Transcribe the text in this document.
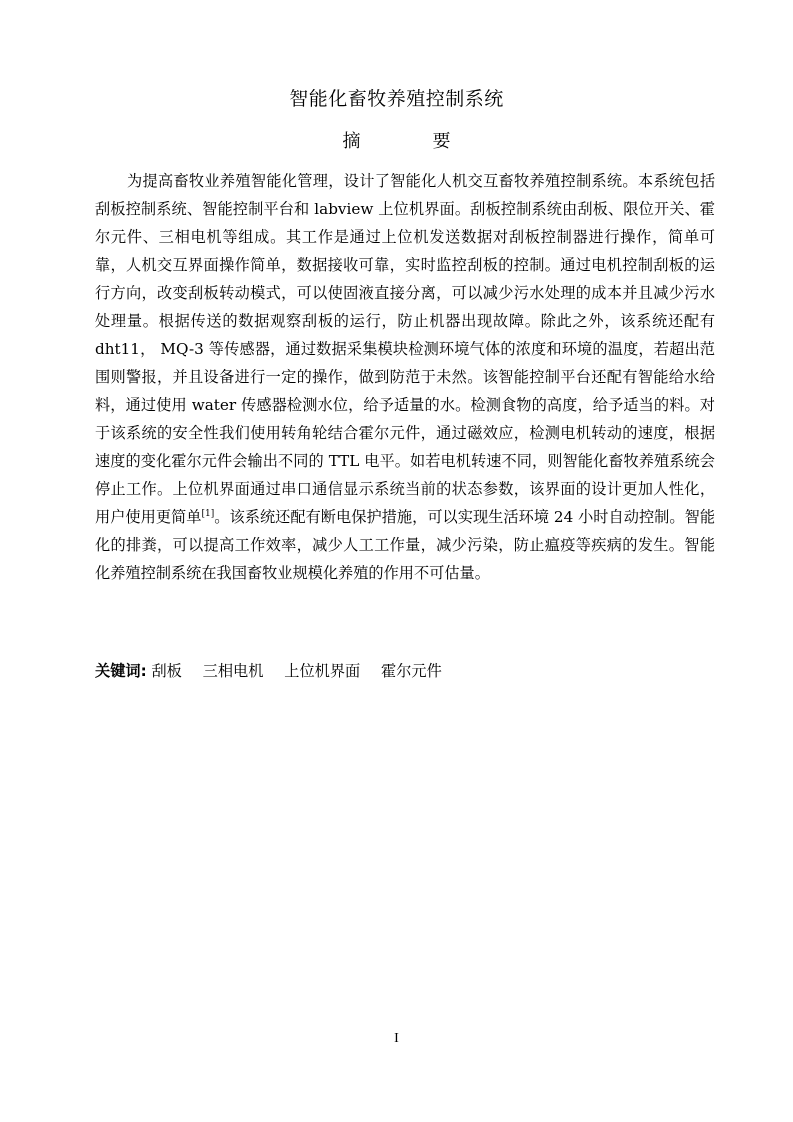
智能化畜牧养殖控制系统
摘	要

为提高畜牧业养殖智能化管理，设计了智能化人机交互畜牧养殖控制系统。本系统包括刮板控制系统、智能控制平台和 labview 上位机界面。刮板控制系统由刮板、限位开关、霍尔元件、三相电机等组成。其工作是通过上位机发送数据对刮板控制器进行操作，简单可靠，人机交互界面操作简单，数据接收可靠，实时监控刮板的控制。通过电机控制刮板的运行方向，改变刮板转动模式，可以使固液直接分离，可以减少污水处理的成本并且减少污水处理量。根据传送的数据观察刮板的运行，防止机器出现故障。除此之外，该系统还配有 dht11， MQ-3 等传感器，通过数据采集模块检测环境气体的浓度和环境的温度，若超出范围则警报，并且设备进行一定的操作，做到防范于未然。该智能控制平台还配有智能给水给料，通过使用 water 传感器检测水位，给予适量的水。检测食物的高度，给予适当的料。对于该系统的安全性我们使用转角轮结合霍尔元件，通过磁效应，检测电机转动的速度，根据速度的变化霍尔元件会输出不同的 TTL 电平。如若电机转速不同，则智能化畜牧养殖系统会停止工作。上位机界面通过串口通信显示系统当前的状态参数，该界面的设计更加人性化，用户使用更简单[1]。该系统还配有断电保护措施，可以实现生活环境 24 小时自动控制。智能化的排粪，可以提高工作效率，减少人工工作量，减少污染，防止瘟疫等疾病的发生。智能化养殖控制系统在我国畜牧业规模化养殖的作用不可估量。

关键词: 刮板 三相电机 上位机界面 霍尔元件
I
